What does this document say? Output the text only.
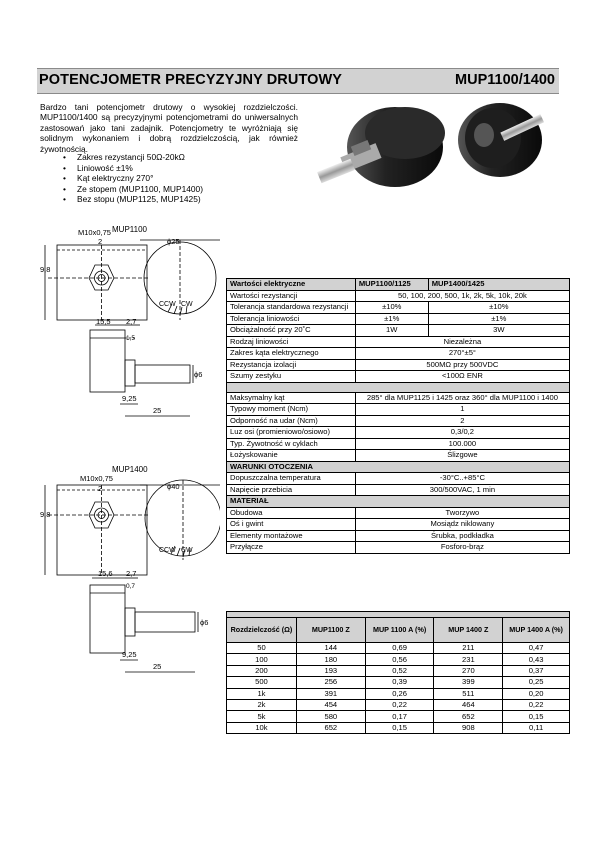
POTENCJOMETR PRECYZYJNY DRUTOWY	MUP1100/1400
Bardzo tani potencjometr drutowy o wysokiej rozdzielczości. MUP1100/1400 są precyzyjnymi potencjometrami do uniwersalnych zastosowań jako tani zadajnik. Potencjometry te wyróżniają się solidnym wykonaniem i dobrą rozdzielczością, jak również żywotnością.
• Zakres rezystancji 50Ω-20kΩ
• Liniowość ±1%
• Kąt elektryczny 270°
• Ze stopem (MUP1100, MUP1400)
• Bez stopu (MUP1125, MUP1425)
MUP1100
M10x0,75
2	ϕ25
9,8
CCW CW
15,5 2,7
1,5
ϕ6
9,25
25
MUP1400
M10x0,75
2	ϕ40
9,8
CCW CW
15,6 2,7
0,7
ϕ6
9,25
25
Wartości elektryczne	MUP1100/1125	MUP1400/1425
Wartości rezystancji	50, 100, 200, 500, 1k, 2k, 5k, 10k, 20k	
Tolerancja standardowa rezystancji	±10%	±10%
Tolerancja liniowości	±1%	±1%
Obciążalność przy 20˚C	1W	3W
Rodzaj liniowości	Niezależna	
Zakres kąta elektrycznego	270°±5°	
Rezystancja izolacji	500MΩ przy 500VDC	
Szumy zestyku	<100Ω ENR	

Maksymalny kąt	285° dla MUP1125 i 1425 oraz 360° dla MUP1100 i 1400	
Typowy moment (Ncm)	1	
Odporność na udar (Ncm)	2	
Luz osi (promieniowo/osiowo)	0,3/0,2	
Typ. Żywotność w cyklach	100.000	
Łożyskowanie	Ślizgowe	
WARUNKI OTOCZENIA		
Dopuszczalna temperatura	-30°C..+85°C	
Napięcie przebicia	300/500VAC, 1 min	
MATERIAŁ		
Obudowa	Tworzywo	
Oś i gwint	Mosiądz niklowany	
Elementy montażowe	Śrubka, podkładka	
Przyłącze	Fosforo-brąz	

Rozdzielczość (Ω)	MUP1100 Z	MUP 1100 A (%)	MUP 1400 Z	MUP 1400 A (%)
50	144	0,69	211	0,47
100	180	0,56	231	0,43
200	193	0,52	270	0,37
500	256	0,39	399	0,25
1k	391	0,26	511	0,20
2k	454	0,22	464	0,22
5k	580	0,17	652	0,15
10k	652	0,15	908	0,11
